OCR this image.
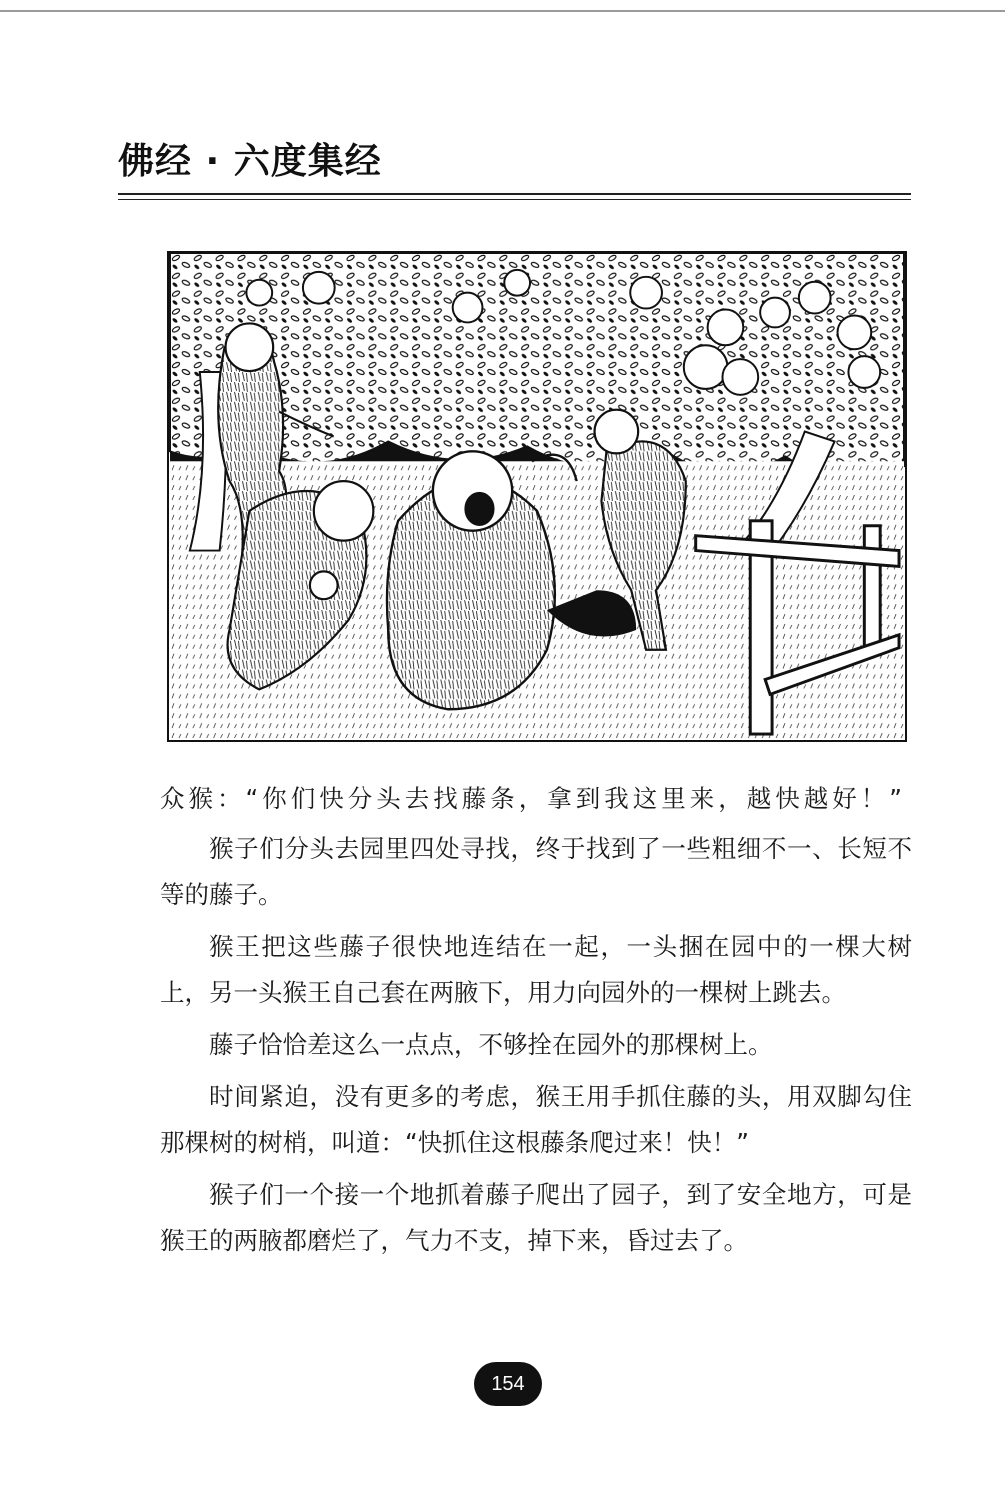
佛经 · 六度集经

众猴：“你们快分头去找藤条，拿到我这里来，越快越好！”

猴子们分头去园里四处寻找，终于找到了一些粗细不一、长短不等的藤子。

猴王把这些藤子很快地连结在一起，一头捆在园中的一棵大树上，另一头猴王自己套在两腋下，用力向园外的一棵树上跳去。

藤子恰恰差这么一点点，不够拴在园外的那棵树上。

时间紧迫，没有更多的考虑，猴王用手抓住藤的头，用双脚勾住那棵树的树梢，叫道：“快抓住这根藤条爬过来！快！”

猴子们一个接一个地抓着藤子爬出了园子，到了安全地方，可是猴王的两腋都磨烂了，气力不支，掉下来，昏过去了。

154
